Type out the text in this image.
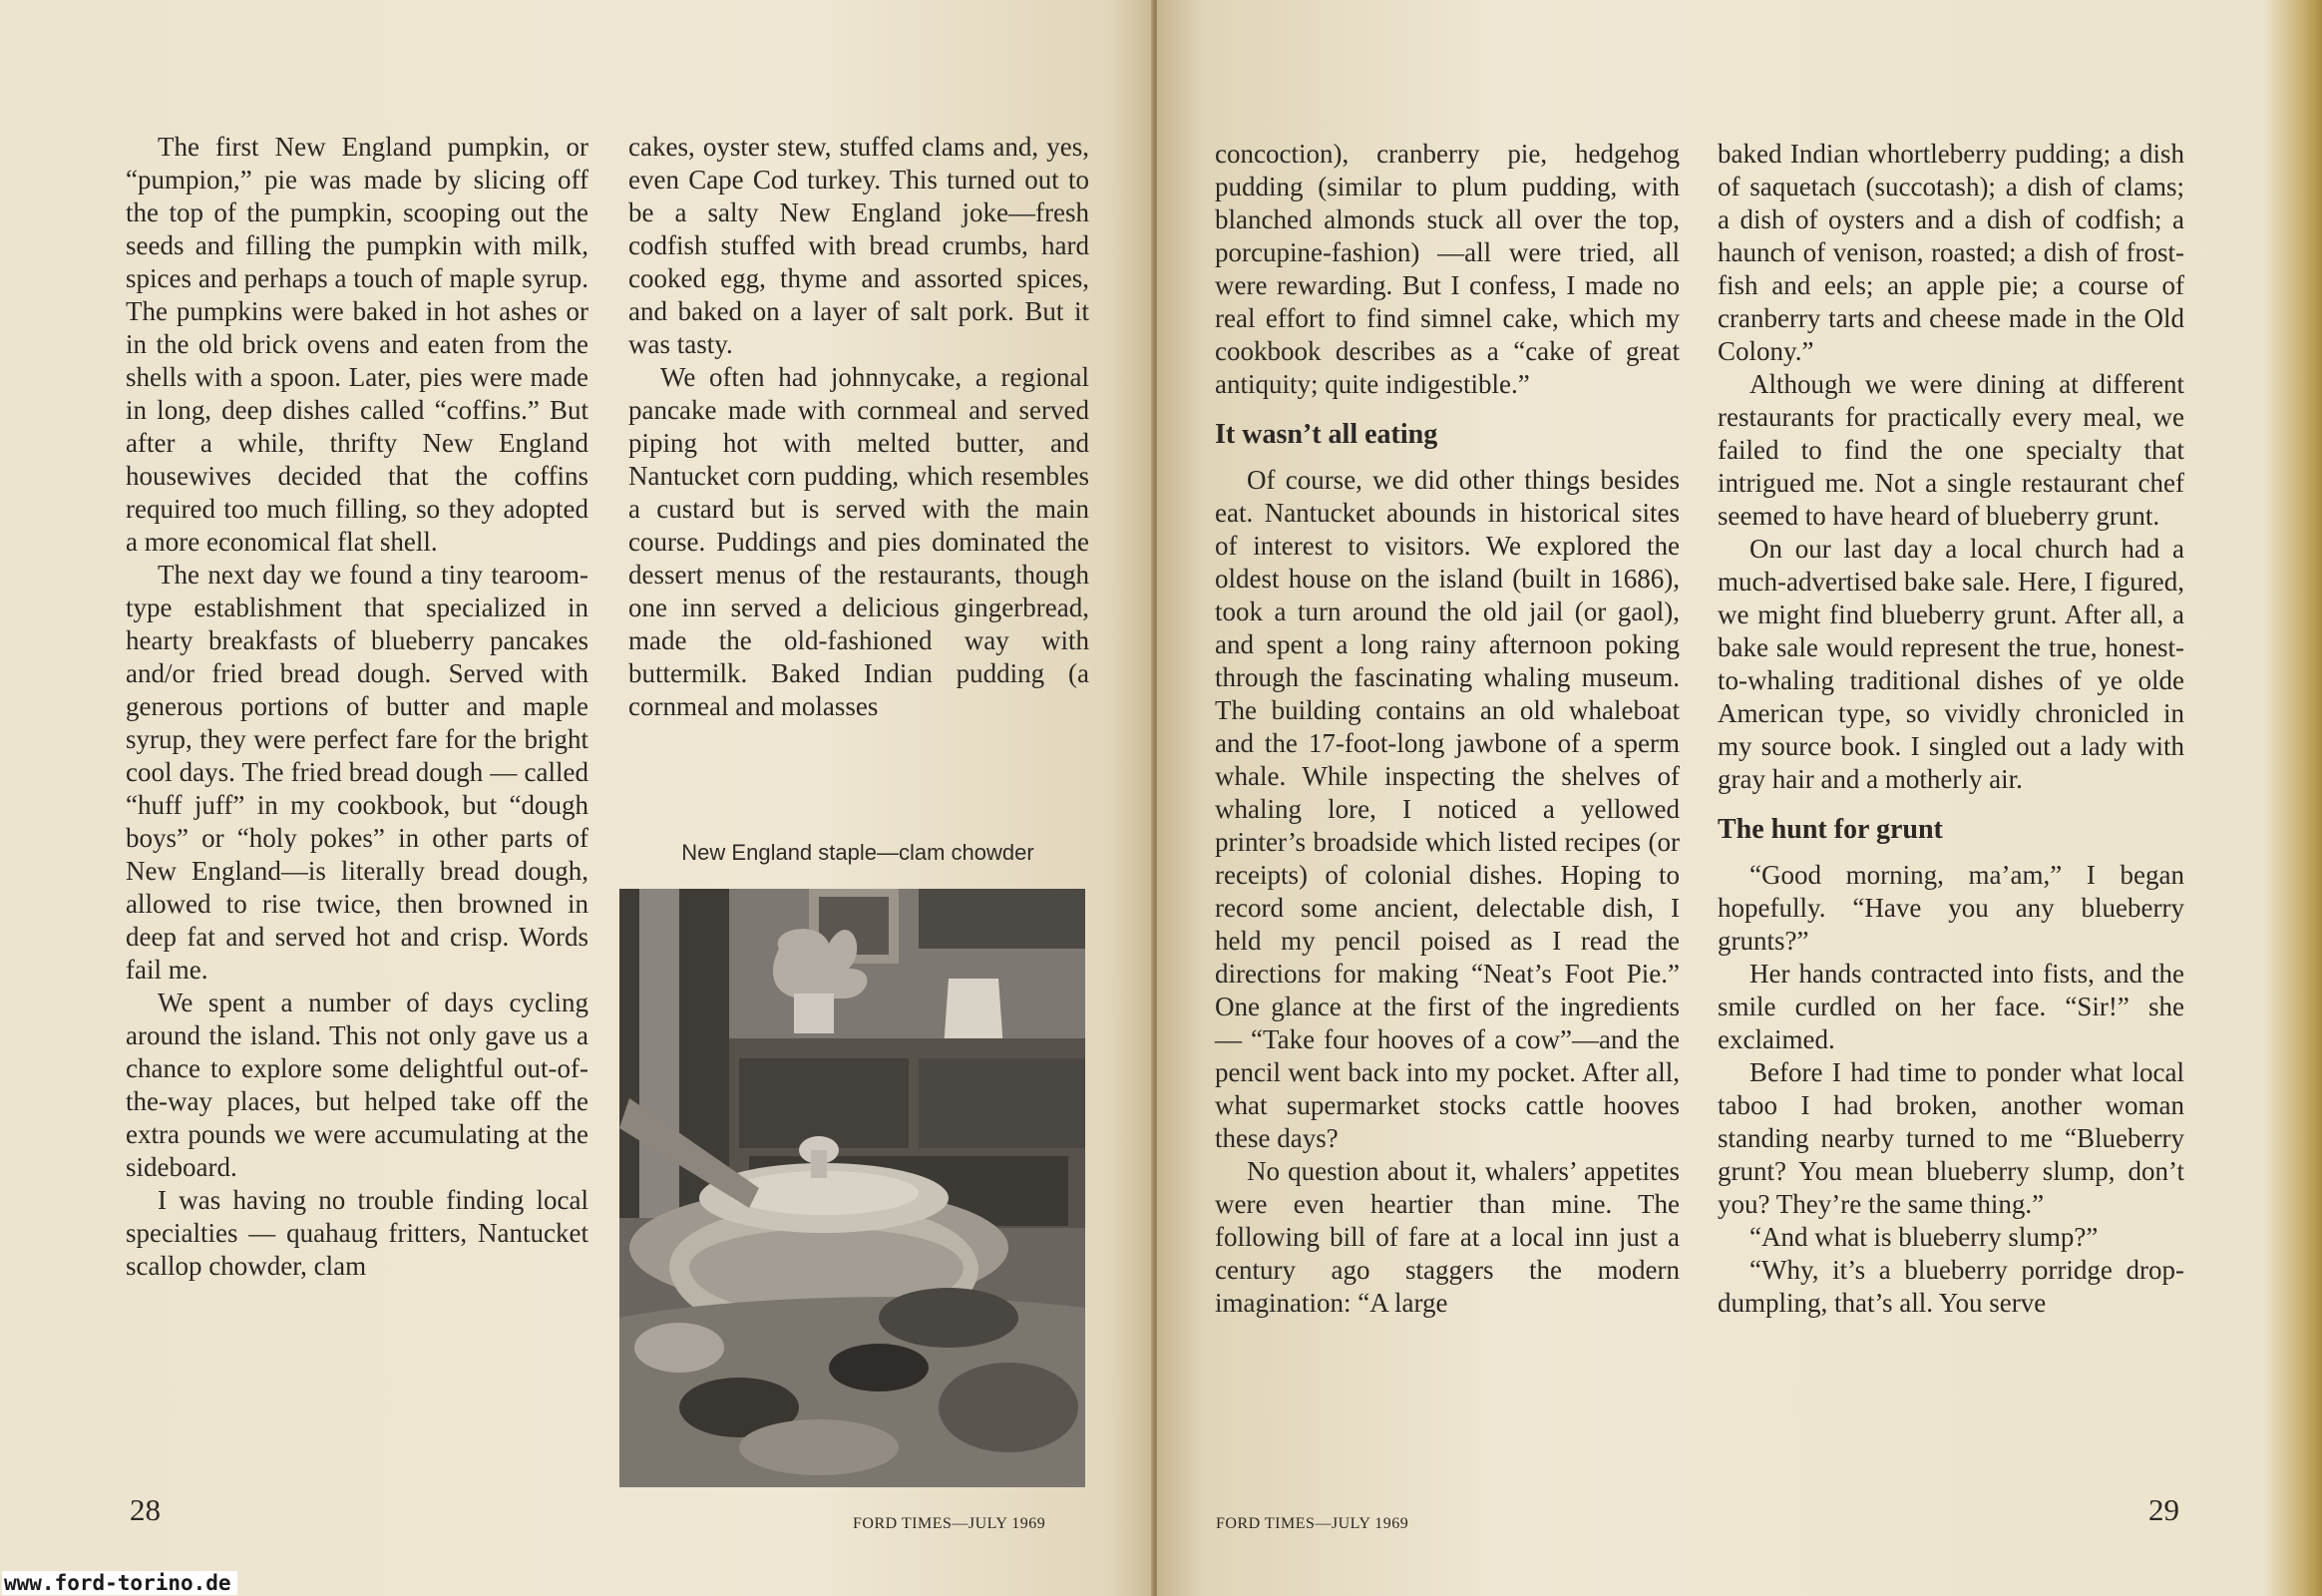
The first New England pumpkin, or “pumpion,” pie was made by slicing off the top of the pumpkin, scooping out the seeds and filling the pumpkin with milk, spices and perhaps a touch of maple syrup. The pumpkins were baked in hot ashes or in the old brick ovens and eaten from the shells with a spoon. Later, pies were made in long, deep dishes called “coffins.” But after a while, thrifty New England housewives decided that the coffins required too much filling, so they adopted a more economical flat shell.

The next day we found a tiny tearoom-type establishment that specialized in hearty breakfasts of blueberry pancakes and/or fried bread dough. Served with generous portions of butter and maple syrup, they were perfect fare for the bright cool days. The fried bread dough — called “huff juff” in my cookbook, but “dough boys” or “holy pokes” in other parts of New England—is literally bread dough, allowed to rise twice, then browned in deep fat and served hot and crisp. Words fail me.

We spent a number of days cycling around the island. This not only gave us a chance to explore some delightful out-of-the-way places, but helped take off the extra pounds we were accumulating at the sideboard.

I was having no trouble finding local specialties — quahaug fritters, Nantucket scallop chowder, clam

cakes, oyster stew, stuffed clams and, yes, even Cape Cod turkey. This turned out to be a salty New England joke—fresh codfish stuffed with bread crumbs, hard cooked egg, thyme and assorted spices, and baked on a layer of salt pork. But it was tasty.

We often had johnnycake, a regional pancake made with cornmeal and served piping hot with melted butter, and Nantucket corn pudding, which resembles a custard but is served with the main course. Puddings and pies dominated the dessert menus of the restaurants, though one inn served a delicious gingerbread, made the old-fashioned way with buttermilk. Baked Indian pudding (a cornmeal and molasses

New England staple—clam chowder
28	FORD TIMES—JULY 1969

concoction), cranberry pie, hedgehog pudding (similar to plum pudding, with blanched almonds stuck all over the top, porcupine-fashion) —all were tried, all were rewarding. But I confess, I made no real effort to find simnel cake, which my cookbook describes as a “cake of great antiquity; quite indigestible.”

It wasn’t all eating

Of course, we did other things besides eat. Nantucket abounds in historical sites of interest to visitors. We explored the oldest house on the island (built in 1686), took a turn around the old jail (or gaol), and spent a long rainy afternoon poking through the fascinating whaling museum. The building contains an old whaleboat and the 17-foot-long jawbone of a sperm whale. While inspecting the shelves of whaling lore, I noticed a yellowed printer’s broadside which listed recipes (or receipts) of colonial dishes. Hoping to record some ancient, delectable dish, I held my pencil poised as I read the directions for making “Neat’s Foot Pie.” One glance at the first of the ingredients — “Take four hooves of a cow”—and the pencil went back into my pocket. After all, what supermarket stocks cattle hooves these days?

No question about it, whalers’ appetites were even heartier than mine. The following bill of fare at a local inn just a century ago staggers the modern imagination: “A large

baked Indian whortleberry pudding; a dish of saquetach (succotash); a dish of clams; a dish of oysters and a dish of codfish; a haunch of venison, roasted; a dish of frost-fish and eels; an apple pie; a course of cranberry tarts and cheese made in the Old Colony.”

Although we were dining at different restaurants for practically every meal, we failed to find the one specialty that intrigued me. Not a single restaurant chef seemed to have heard of blueberry grunt.

On our last day a local church had a much-advertised bake sale. Here, I figured, we might find blueberry grunt. After all, a bake sale would represent the true, honest-to-whaling traditional dishes of ye olde American type, so vividly chronicled in my source book. I singled out a lady with gray hair and a motherly air.

The hunt for grunt

“Good morning, ma’am,” I began hopefully. “Have you any blueberry grunts?”

Her hands contracted into fists, and the smile curdled on her face. “Sir!” she exclaimed.

Before I had time to ponder what local taboo I had broken, another woman standing nearby turned to me “Blueberry grunt? You mean blueberry slump, don’t you? They’re the same thing.”

“And what is blueberry slump?”

“Why, it’s a blueberry porridge drop-dumpling, that’s all. You serve

FORD TIMES—JULY 1969	29
www.ford-torino.de
